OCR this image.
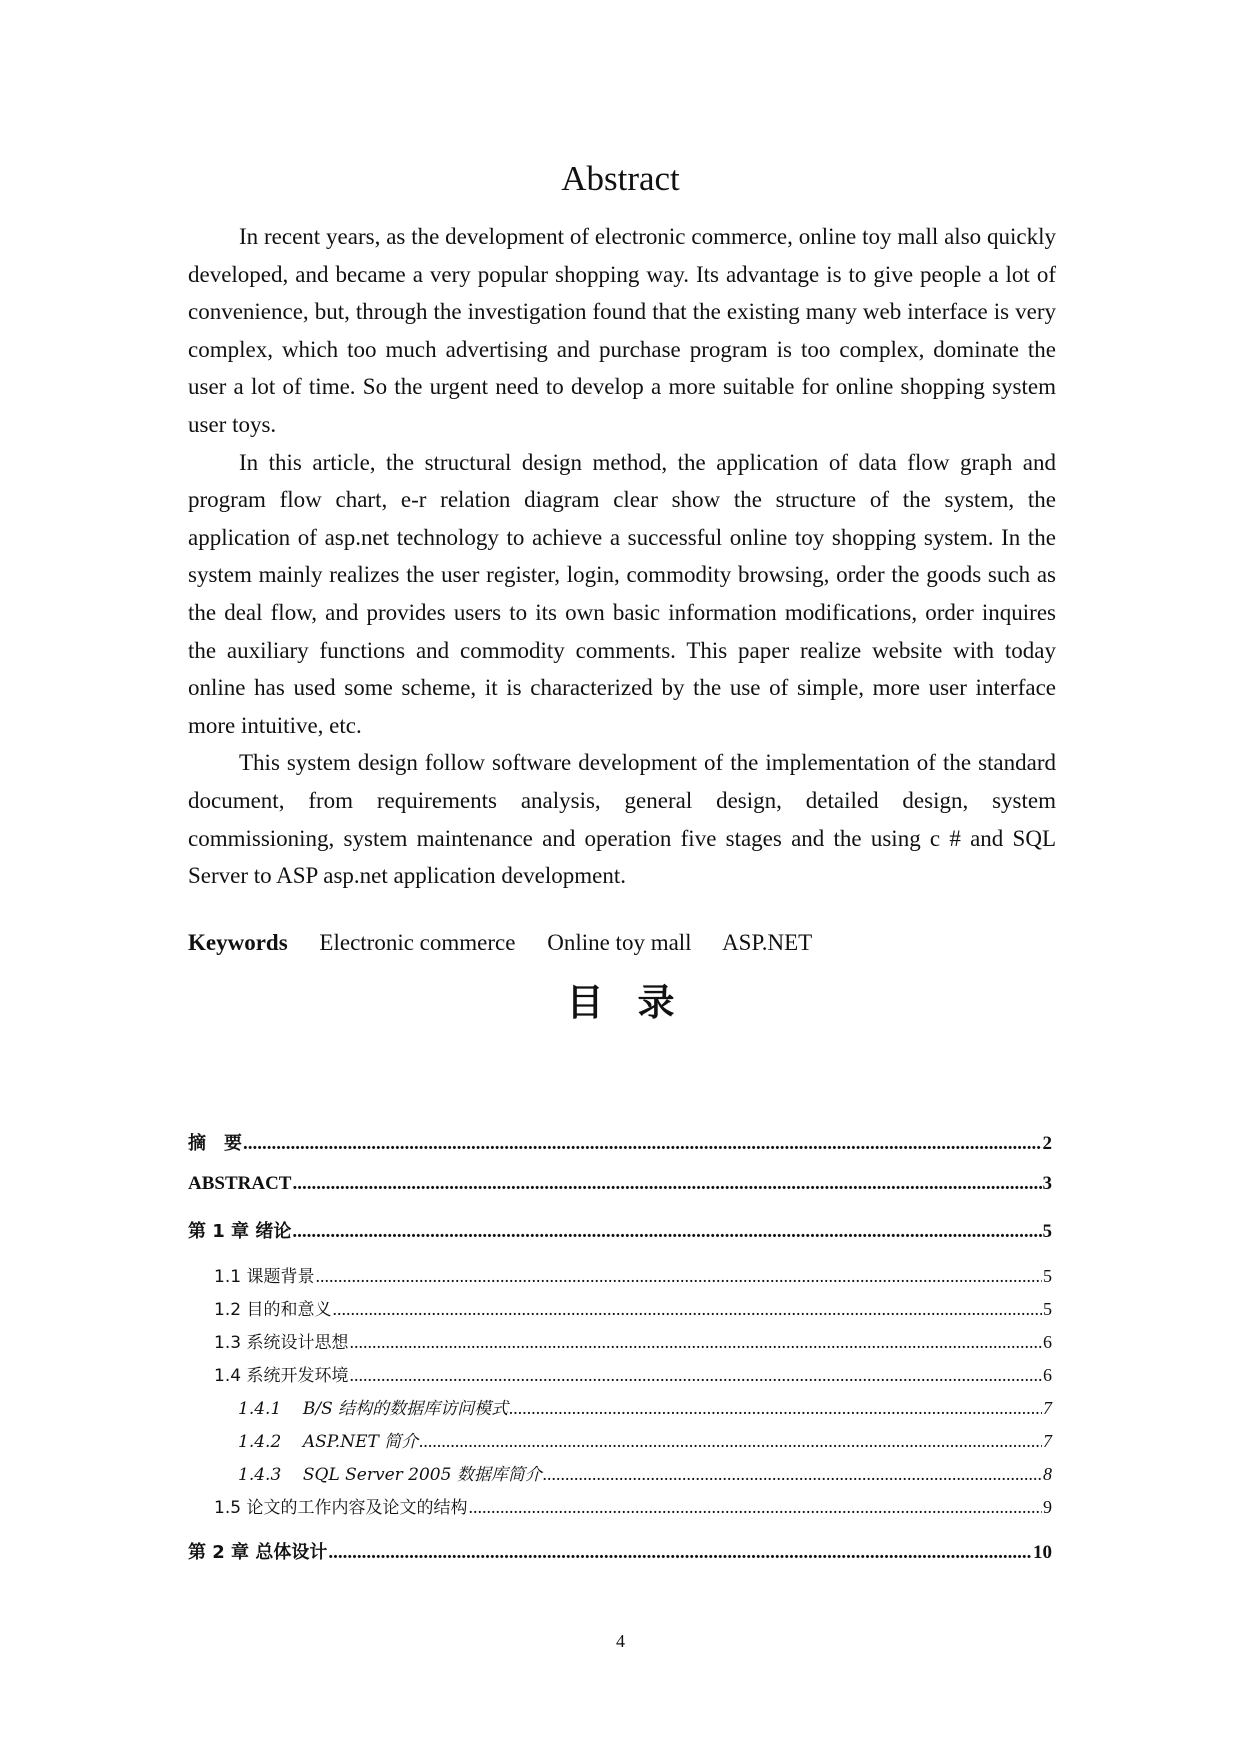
Abstract

In recent years, as the development of electronic commerce, online toy mall also quickly developed, and became a very popular shopping way. Its advantage is to give people a lot of convenience, but, through the investigation found that the existing many web interface is very complex, which too much advertising and purchase program is too complex, dominate the user a lot of time. So the urgent need to develop a more suitable for online shopping system user toys.

In this article, the structural design method, the application of data flow graph and program flow chart, e-r relation diagram clear show the structure of the system, the application of asp.net technology to achieve a successful online toy shopping system. In the system mainly realizes the user register, login, commodity browsing, order the goods such as the deal flow, and provides users to its own basic information modifications, order inquires the auxiliary functions and commodity comments. This paper realize website with today online has used some scheme, it is characterized by the use of simple, more user interface more intuitive, etc.

This system design follow software development of the implementation of the standard document, from requirements analysis, general design, detailed design, system commissioning, system maintenance and operation five stages and the using c # and SQL Server to ASP asp.net application development.

Keywords Electronic commerce Online toy mall ASP.NET
目录
摘　要 .....	2
ABSTRACT .....	3
第 1 章 绪论 .....	5
1.1 课题背景 .....	5
1.2 目的和意义 .....	5
1.3 系统设计思想 .....	6
1.4 系统开发环境 .....	6
1.4.1    B/S 结构的数据库访问模式 .....	7
1.4.2    ASP.NET 简介 .....	7
1.4.3    SQL Server 2005 数据库简介 .....	8
1.5 论文的工作内容及论文的结构 .....	9
第 2 章 总体设计 .....	10
4
